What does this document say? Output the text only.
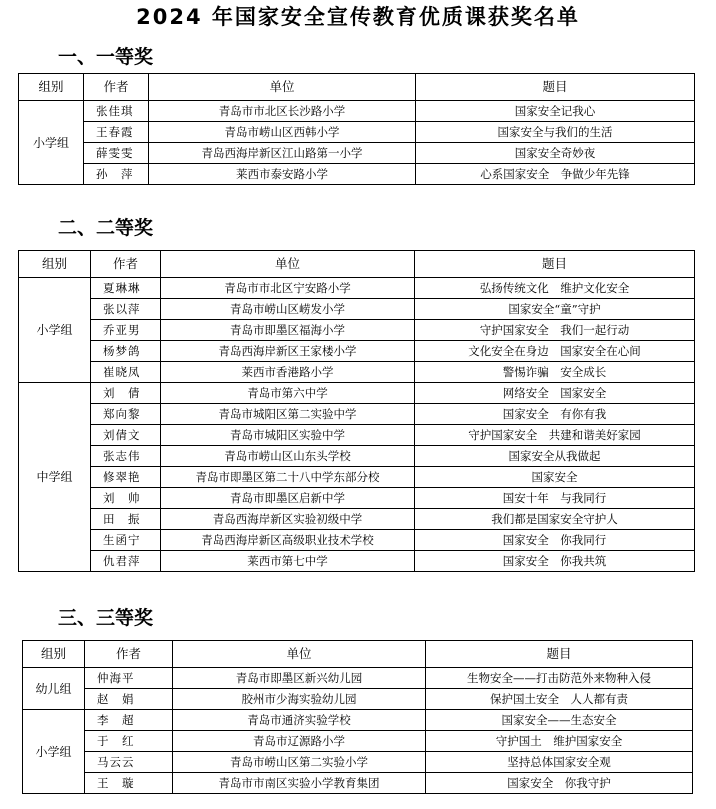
2024 年国家安全宣传教育优质课获奖名单
一、一等奖
组别	作者	单位	题目
小学组	张佳琪	青岛市市北区长沙路小学	国家安全记我心
	王春霞	青岛市崂山区西韩小学	国家安全与我们的生活
	薛雯雯	青岛西海岸新区江山路第一小学	国家安全奇妙夜
	孙　萍	莱西市泰安路小学	心系国家安全　争做少年先锋
二、二等奖
组别	作者	单位	题目
小学组	夏琳琳	青岛市市北区宁安路小学	弘扬传统文化　维护文化安全
	张以萍	青岛市崂山区崂发小学	国家安全“童”守护
	乔亚男	青岛市即墨区福海小学	守护国家安全　我们一起行动
	杨梦鸽	青岛西海岸新区王家楼小学	文化安全在身边　国家安全在心间
	崔晓凤	莱西市香港路小学	警惕诈骗　安全成长
中学组	刘　倩	青岛市第六中学	网络安全　国家安全
	郑向黎	青岛市城阳区第二实验中学	国家安全　有你有我
	刘倩文	青岛市城阳区实验中学	守护国家安全　共建和谐美好家园
	张志伟	青岛市崂山区山东头学校	国家安全从我做起
	修翠艳	青岛市即墨区第二十八中学东部分校	国家安全
	刘　帅	青岛市即墨区启新中学	国安十年　与我同行
	田　振	青岛西海岸新区实验初级中学	我们都是国家安全守护人
	生函宁	青岛西海岸新区高级职业技术学校	国家安全　你我同行
	仇君萍	莱西市第七中学	国家安全　你我共筑
三、三等奖
组别	作者	单位	题目
幼儿组	仲海平	青岛市即墨区新兴幼儿园	生物安全——打击防范外来物种入侵
	赵　娟	胶州市少海实验幼儿园	保护国土安全　人人都有责
小学组	李　超	青岛市通济实验学校	国家安全——生态安全
	于　红	青岛市辽源路小学	守护国土　维护国家安全
	马云云	青岛市崂山区第二实验小学	坚持总体国家安全观
	王　璇	青岛市市南区实验小学教育集团	国家安全　你我守护
